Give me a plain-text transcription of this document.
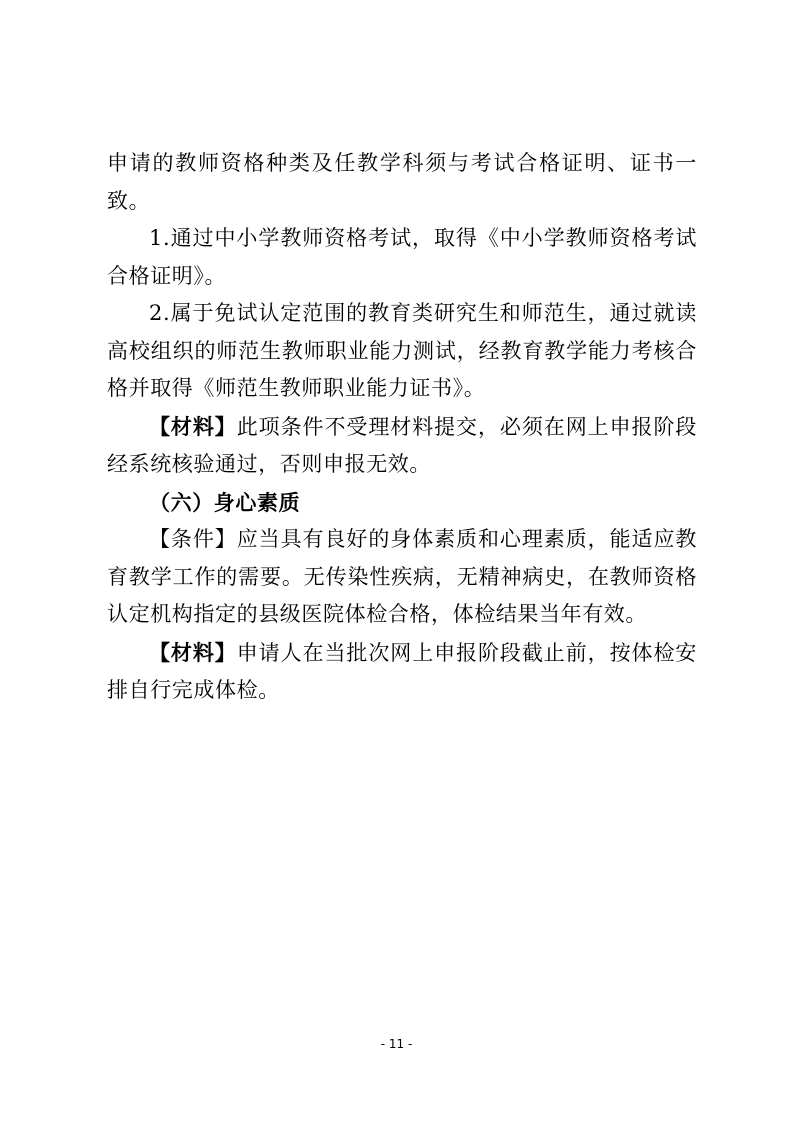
申请的教师资格种类及任教学科须与考试合格证明、证书一致。

1.通过中小学教师资格考试，取得《中小学教师资格考试合格证明》。

2.属于免试认定范围的教育类研究生和师范生，通过就读高校组织的师范生教师职业能力测试，经教育教学能力考核合格并取得《师范生教师职业能力证书》。

【材料】此项条件不受理材料提交，必须在网上申报阶段经系统核验通过，否则申报无效。

（六）身心素质

【条件】应当具有良好的身体素质和心理素质，能适应教育教学工作的需要。无传染性疾病，无精神病史，在教师资格认定机构指定的县级医院体检合格，体检结果当年有效。

【材料】申请人在当批次网上申报阶段截止前，按体检安排自行完成体检。

- 11 -
